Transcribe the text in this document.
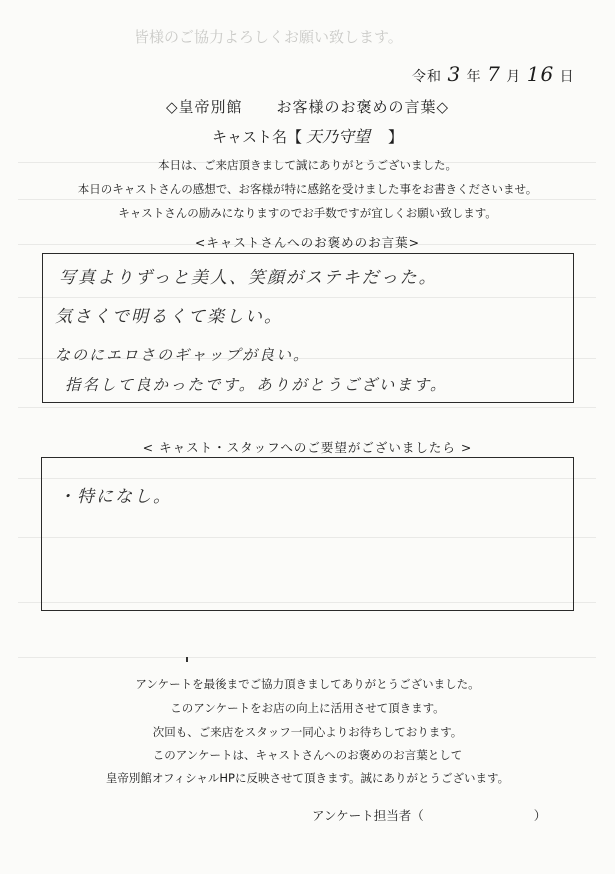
皆様のご協力よろしくお願い致します。
令和 3 年 7 月 16 日
◇皇帝別館 お客様のお褒めの言葉◇
キャスト名【 天乃守望 】
本日は、ご来店頂きまして誠にありがとうございました。
本日のキャストさんの感想で、お客様が特に感銘を受けました事をお書きくださいませ。
キャストさんの励みになりますのでお手数ですが宜しくお願い致します。
<キャストさんへのお褒めのお言葉>
写真よりずっと美人、笑顔がステキだった。
気さくで明るくて楽しい。
なのにエロさのギャップが良い。
指名して良かったです。ありがとうございます。
< キャスト・スタッフへのご要望がございましたら >
・特になし。
アンケートを最後までご協力頂きましてありがとうございました。
このアンケートをお店の向上に活用させて頂きます。
次回も、ご来店をスタッフ一同心よりお待ちしております。
このアンケートは、キャストさんへのお褒めのお言葉として
皇帝別館オフィシャルHPに反映させて頂きます。誠にありがとうございます。
アンケート担当者（	）
